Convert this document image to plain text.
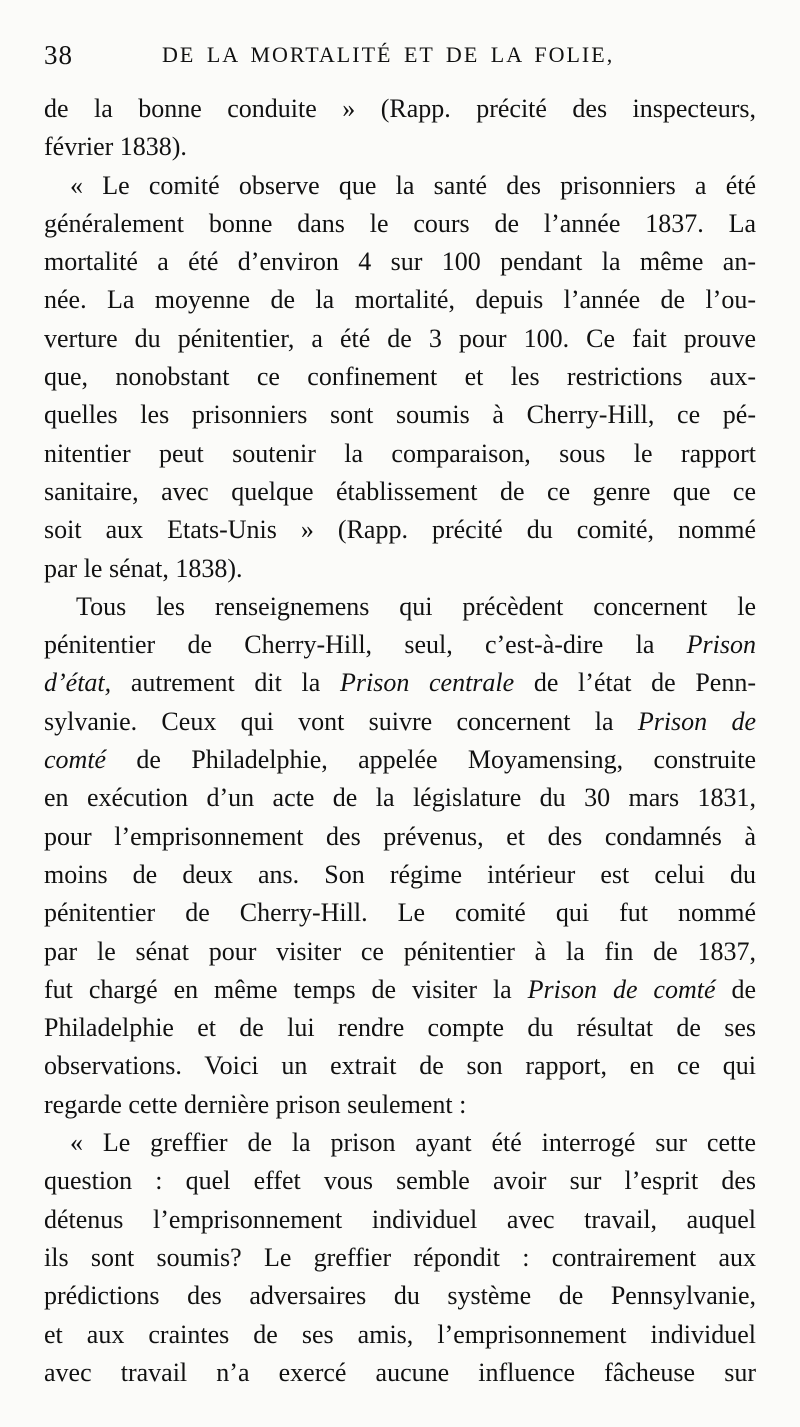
38	DE LA MORTALITÉ ET DE LA FOLIE,
de la bonne conduite » (Rapp. précité des inspecteurs,
février 1838).
« Le comité observe que la santé des prisonniers a été
généralement bonne dans le cours de l’année 1837. La
mortalité a été d’environ 4 sur 100 pendant la même an-
née. La moyenne de la mortalité, depuis l’année de l’ou-
verture du pénitentier, a été de 3 pour 100. Ce fait prouve
que, nonobstant ce confinement et les restrictions aux-
quelles les prisonniers sont soumis à Cherry-Hill, ce pé-
nitentier peut soutenir la comparaison, sous le rapport
sanitaire, avec quelque établissement de ce genre que ce
soit aux Etats-Unis » (Rapp. précité du comité, nommé
par le sénat, 1838).
Tous les renseignemens qui précèdent concernent le
pénitentier de Cherry-Hill, seul, c’est-à-dire la Prison
d’état, autrement dit la Prison centrale de l’état de Penn-
sylvanie. Ceux qui vont suivre concernent la Prison de
comté de Philadelphie, appelée Moyamensing, construite
en exécution d’un acte de la législature du 30 mars 1831,
pour l’emprisonnement des prévenus, et des condamnés à
moins de deux ans. Son régime intérieur est celui du
pénitentier de Cherry-Hill. Le comité qui fut nommé
par le sénat pour visiter ce pénitentier à la fin de 1837,
fut chargé en même temps de visiter la Prison de comté de
Philadelphie et de lui rendre compte du résultat de ses
observations. Voici un extrait de son rapport, en ce qui
regarde cette dernière prison seulement :
« Le greffier de la prison ayant été interrogé sur cette
question : quel effet vous semble avoir sur l’esprit des
détenus l’emprisonnement individuel avec travail, auquel
ils sont soumis? Le greffier répondit : contrairement aux
prédictions des adversaires du système de Pennsylvanie,
et aux craintes de ses amis, l’emprisonnement individuel
avec travail n’a exercé aucune influence fâcheuse sur
